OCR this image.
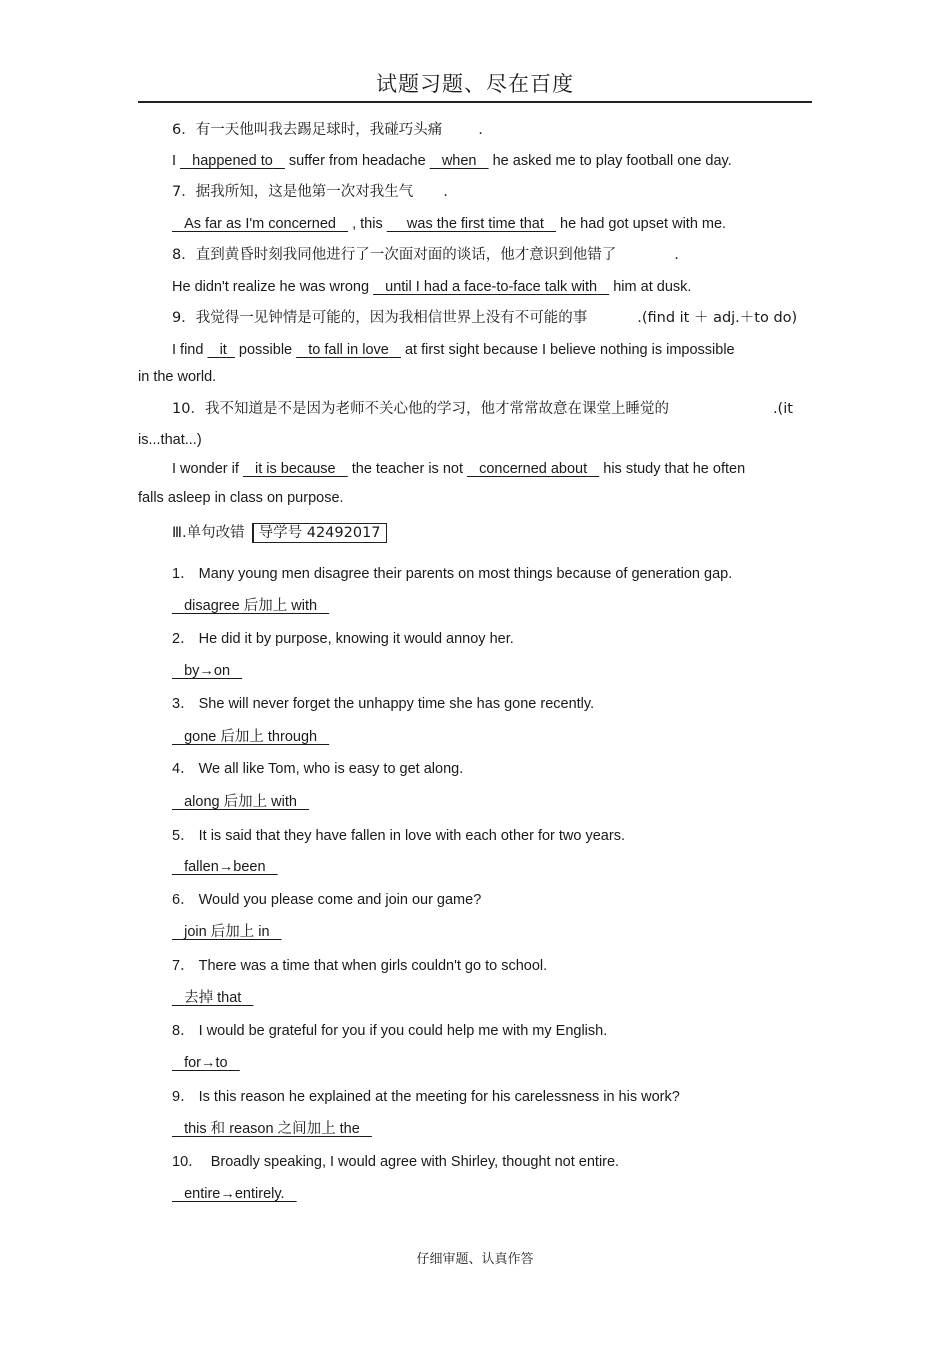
试题习题、尽在百度
6．有一天他叫我去踢足球时，我碰巧头痛 .
I    happened to    suffer from headache    when    he asked me to play football one day.
7．据我所知，这是他第一次对我生气 .
As far as I'm concerned    , this      was the first time that    he had got upset with me.
8．直到黄昏时刻我同他进行了一次面对面的谈话，他才意识到他错了	.
He didn't realize he was wrong    until I had a face-to-face talk with    him at dusk.
9．我觉得一见钟情是可能的，因为我相信世界上没有不可能的事	.(find it ＋ adj.＋to do)
I find    it   possible    to fall in love    at first sight because I believe nothing is impossible
in the world.
10．我不知道是不是因为老师不关心他的学习，他才常常故意在课堂上睡觉的	.(it
is...that...)
I wonder if    it is because    the teacher is not    concerned about    his study that he often
falls asleep in class on purpose.
Ⅲ.单句改错 导学号 42492017
1． Many young men disagree their parents on most things because of generation gap.
disagree 后加上 with
2． He did it by purpose, knowing it would annoy her.
by→on
3． She will never forget the unhappy time she has gone recently.
gone 后加上 through
4． We all like Tom, who is easy to get along.
along 后加上 with
5． It is said that they have fallen in love with each other for two years.
fallen→been
6． Would you please come and join our game?
join 后加上 in
7． There was a time that when girls couldn't go to school.
去掉 that
8． I would be grateful for you if you could help me with my English.
for→to
9． Is this reason he explained at the meeting for his carelessness in his work?
this 和 reason 之间加上 the
10．  Broadly speaking, I would agree with Shirley, thought not entire.
entire→entirely.
仔细审题、认真作答
